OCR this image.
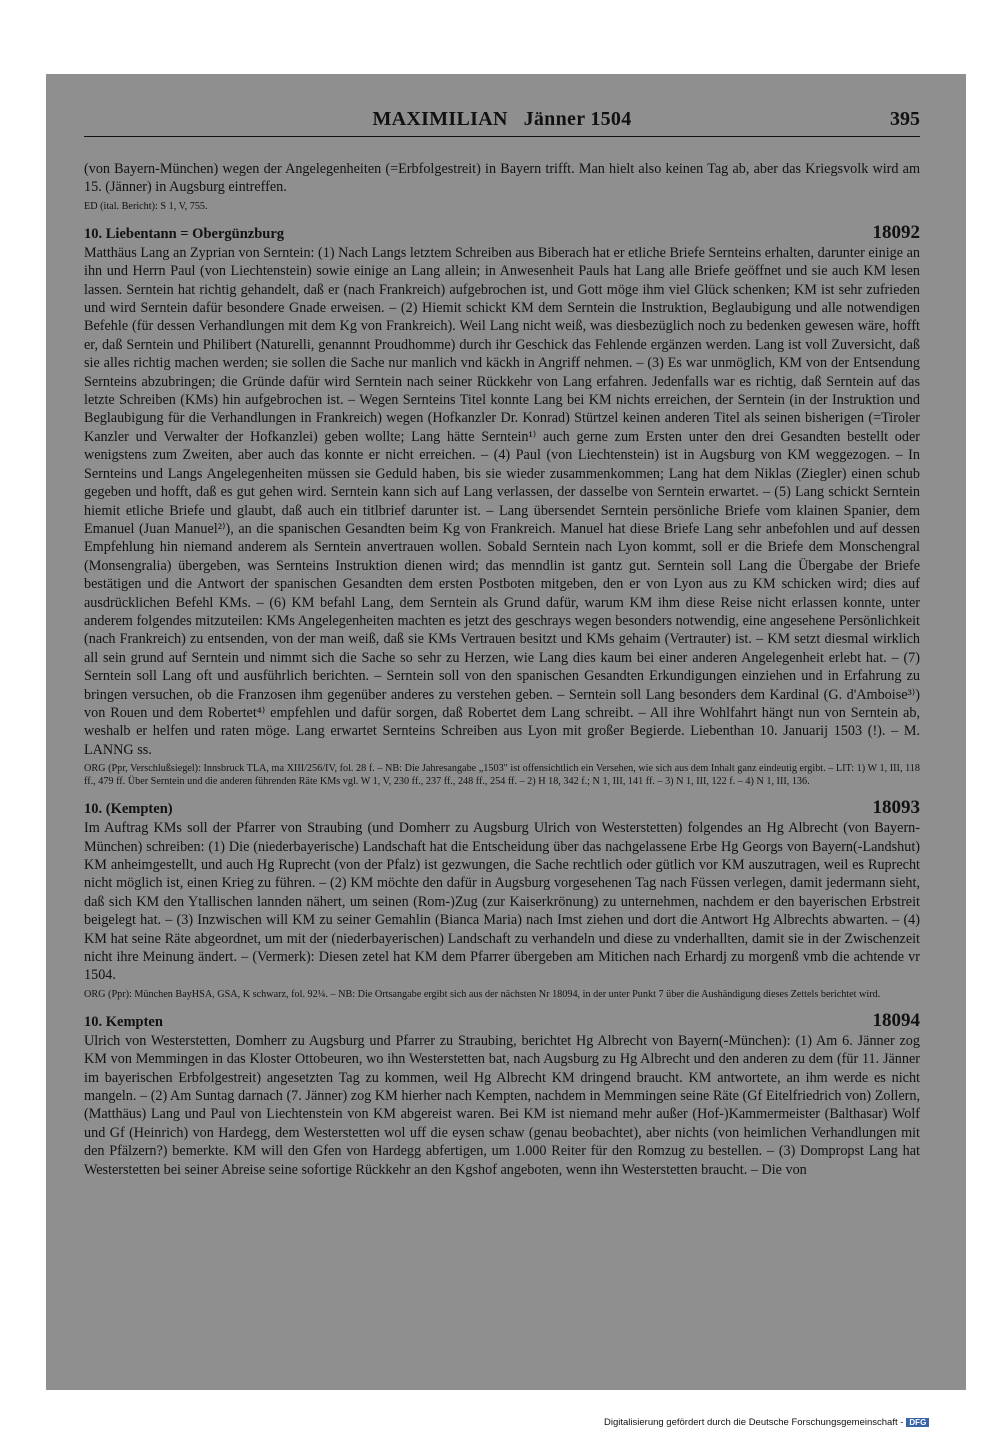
MAXIMILIAN   Jänner 1504	395

(von Bayern-München) wegen der Angelegenheiten (=Erbfolgestreit) in Bayern trifft. Man hielt also keinen Tag ab, aber das Kriegsvolk wird am 15. (Jänner) in Augsburg eintreffen.

ED (ital. Bericht): S 1, V, 755.

10. Liebentann = Obergünzburg	18092

Matthäus Lang an Zyprian von Serntein: (1) Nach Langs letztem Schreiben aus Biberach hat er etliche Briefe Sernteins erhalten, darunter einige an ihn und Herrn Paul (von Liechtenstein) sowie einige an Lang allein; in Anwesenheit Pauls hat Lang alle Briefe geöffnet und sie auch KM lesen lassen. Serntein hat richtig gehandelt, daß er (nach Frankreich) aufgebrochen ist, und Gott möge ihm viel Glück schenken; KM ist sehr zufrieden und wird Serntein dafür besondere Gnade erweisen. – (2) Hiemit schickt KM dem Serntein die Instruktion, Beglaubigung und alle notwendigen Befehle (für dessen Verhandlungen mit dem Kg von Frankreich). Weil Lang nicht weiß, was diesbezüglich noch zu bedenken gewesen wäre, hofft er, daß Serntein und Philibert (Naturelli, genannnt Proudhomme) durch ihr Geschick das Fehlende ergänzen werden. Lang ist voll Zuversicht, daß sie alles richtig machen werden; sie sollen die Sache nur manlich vnd käckh in Angriff nehmen. – (3) Es war unmöglich, KM von der Entsendung Sernteins abzubringen; die Gründe dafür wird Serntein nach seiner Rückkehr von Lang erfahren. Jedenfalls war es richtig, daß Serntein auf das letzte Schreiben (KMs) hin aufgebrochen ist. – Wegen Sernteins Titel konnte Lang bei KM nichts erreichen, der Serntein (in der Instruktion und Beglaubigung für die Verhandlungen in Frankreich) wegen (Hofkanzler Dr. Konrad) Stürtzel keinen anderen Titel als seinen bisherigen (=Tiroler Kanzler und Verwalter der Hofkanzlei) geben wollte; Lang hätte Serntein¹⁾ auch gerne zum Ersten unter den drei Gesandten bestellt oder wenigstens zum Zweiten, aber auch das konnte er nicht erreichen. – (4) Paul (von Liechtenstein) ist in Augsburg von KM weggezogen. – In Sernteins und Langs Angelegenheiten müssen sie Geduld haben, bis sie wieder zusammenkommen; Lang hat dem Niklas (Ziegler) einen schub gegeben und hofft, daß es gut gehen wird. Serntein kann sich auf Lang verlassen, der dasselbe von Serntein erwartet. – (5) Lang schickt Serntein hiemit etliche Briefe und glaubt, daß auch ein titlbrief darunter ist. – Lang übersendet Serntein persönliche Briefe vom klainen Spanier, dem Emanuel (Juan Manuel²⁾), an die spanischen Gesandten beim Kg von Frankreich. Manuel hat diese Briefe Lang sehr anbefohlen und auf dessen Empfehlung hin niemand anderem als Serntein anvertrauen wollen. Sobald Serntein nach Lyon kommt, soll er die Briefe dem Monschengral (Monsengralia) übergeben, was Sernteins Instruktion dienen wird; das menndlin ist gantz gut. Serntein soll Lang die Übergabe der Briefe bestätigen und die Antwort der spanischen Gesandten dem ersten Postboten mitgeben, den er von Lyon aus zu KM schicken wird; dies auf ausdrücklichen Befehl KMs. – (6) KM befahl Lang, dem Serntein als Grund dafür, warum KM ihm diese Reise nicht erlassen konnte, unter anderem folgendes mitzuteilen: KMs Angelegenheiten machten es jetzt des geschrays wegen besonders notwendig, eine angesehene Persönlichkeit (nach Frankreich) zu entsenden, von der man weiß, daß sie KMs Vertrauen besitzt und KMs gehaim (Vertrauter) ist. – KM setzt diesmal wirklich all sein grund auf Serntein und nimmt sich die Sache so sehr zu Herzen, wie Lang dies kaum bei einer anderen Angelegenheit erlebt hat. – (7) Serntein soll Lang oft und ausführlich berichten. – Serntein soll von den spanischen Gesandten Erkundigungen einziehen und in Erfahrung zu bringen versuchen, ob die Franzosen ihm gegenüber anderes zu verstehen geben. – Serntein soll Lang besonders dem Kardinal (G. d'Amboise³⁾) von Rouen und dem Robertet⁴⁾ empfehlen und dafür sorgen, daß Robertet dem Lang schreibt. – All ihre Wohlfahrt hängt nun von Serntein ab, weshalb er helfen und raten möge. Lang erwartet Sernteins Schreiben aus Lyon mit großer Begierde. Liebenthan 10. Januarij 1503 (!). – M. LANNG ss.

ORG (Ppr, Verschlußsiegel): Innsbruck TLA, ma XIII/256/IV, fol. 28 f. – NB: Die Jahresangabe „1503" ist offensichtlich ein Versehen, wie sich aus dem Inhalt ganz eindeutig ergibt. – LIT: 1) W 1, III, 118 ff., 479 ff. Über Serntein und die anderen führenden Räte KMs vgl. W 1, V, 230 ff., 237 ff., 248 ff., 254 ff. – 2) H 18, 342 f.; N 1, III, 141 ff. – 3) N 1, III, 122 f. – 4) N 1, III, 136.

10. (Kempten)	18093

Im Auftrag KMs soll der Pfarrer von Straubing (und Domherr zu Augsburg Ulrich von Westerstetten) folgendes an Hg Albrecht (von Bayern-München) schreiben: (1) Die (niederbayerische) Landschaft hat die Entscheidung über das nachgelassene Erbe Hg Georgs von Bayern(-Landshut) KM anheimgestellt, und auch Hg Ruprecht (von der Pfalz) ist gezwungen, die Sache rechtlich oder gütlich vor KM auszutragen, weil es Ruprecht nicht möglich ist, einen Krieg zu führen. – (2) KM möchte den dafür in Augsburg vorgesehenen Tag nach Füssen verlegen, damit jedermann sieht, daß sich KM den Ytallischen lannden nähert, um seinen (Rom-)Zug (zur Kaiserkrönung) zu unternehmen, nachdem er den bayerischen Erbstreit beigelegt hat. – (3) Inzwischen will KM zu seiner Gemahlin (Bianca Maria) nach Imst ziehen und dort die Antwort Hg Albrechts abwarten. – (4) KM hat seine Räte abgeordnet, um mit der (niederbayerischen) Landschaft zu verhandeln und diese zu vnderhallten, damit sie in der Zwischenzeit nicht ihre Meinung ändert. – (Vermerk): Diesen zetel hat KM dem Pfarrer übergeben am Mitichen nach Erhardj zu morgenß vmb die achtende vr 1504.

ORG (Ppr): München BayHSA, GSA, K schwarz, fol. 92¼. – NB: Die Ortsangabe ergibt sich aus der nächsten Nr 18094, in der unter Punkt 7 über die Aushändigung dieses Zettels berichtet wird.

10. Kempten	18094

Ulrich von Westerstetten, Domherr zu Augsburg und Pfarrer zu Straubing, berichtet Hg Albrecht von Bayern(-München): (1) Am 6. Jänner zog KM von Memmingen in das Kloster Ottobeuren, wo ihn Westerstetten bat, nach Augsburg zu Hg Albrecht und den anderen zu dem (für 11. Jänner im bayerischen Erbfolgestreit) angesetzten Tag zu kommen, weil Hg Albrecht KM dringend braucht. KM antwortete, an ihm werde es nicht mangeln. – (2) Am Suntag darnach (7. Jänner) zog KM hierher nach Kempten, nachdem in Memmingen seine Räte (Gf Eitelfriedrich von) Zollern, (Matthäus) Lang und Paul von Liechtenstein von KM abgereist waren. Bei KM ist niemand mehr außer (Hof-)Kammermeister (Balthasar) Wolf und Gf (Heinrich) von Hardegg, dem Westerstetten wol uff die eysen schaw (genau beobachtet), aber nichts (von heimlichen Verhandlungen mit den Pfälzern?) bemerkte. KM will den Gfen von Hardegg abfertigen, um 1.000 Reiter für den Romzug zu bestellen. – (3) Dompropst Lang hat Westerstetten bei seiner Abreise seine sofortige Rückkehr an den Kgshof angeboten, wenn ihn Westerstetten braucht. – Die von

Digitalisierung gefördert durch die Deutsche Forschungsgemeinschaft - DFG
